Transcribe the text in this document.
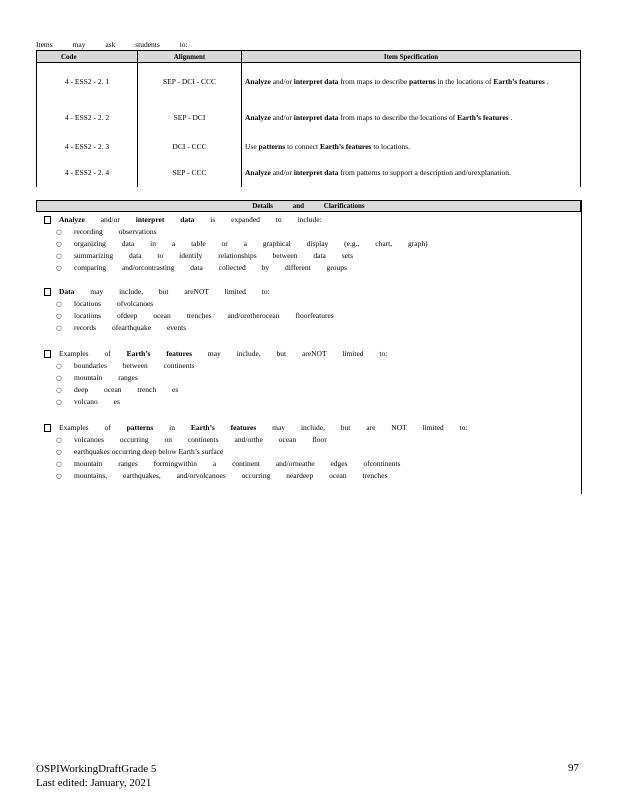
Items may ask students to:
Code	Alignment	Item Specification
4 - ESS2 - 2. 1	SEP - DCI - CCC	Analyze and/or interpret data from maps to describe patterns in the locations of Earth’s features .

4 - ESS2 - 2. 2	SEP - DCI	Analyze and/or interpret data from maps to describe the locations of Earth’s features .

4 - ESS2 - 2. 3	DCI - CCC	Use patterns to connect Earth’s features to locations.

4 - ESS2 - 2. 4	SEP - CCC	Analyze and/or interpret data from patterns to support a description and/orexplanation.
Details and Clarifications
Analyze and/or interpret data is expanded to include:
○	recording observations
○	organizing data in a table or a graphical display (e.g., chart, graph)
○	summarizing data to identify relationships between data sets
○	comparing and/orcontrasting data collected by different groups
Data may include, but areNOT limited to:
○	locations ofvolcanoes
○	locations ofdeep ocean trenches and/orotherocean floorfeatures
○	records ofearthquake events
Examples of Earth’s features may include, but areNOT limited to:
○	boundaries between continents
○	mountain ranges
○	deep ocean trench es
○	volcano es
Examples of patterns in Earth’s features may include, but are NOT limited to:
○	volcanoes occurring on continents and/orthe ocean floor
○	earthquakes occurring deep below Earth’s surface
○	mountain ranges formingwithin a continent and/orneathe edges ofcontinents
○	mountains, earthquakes, and/orvolcanoes occurring neardeep ocean trenches
OSPIWorkingDraftGrade 5
Last edited: January, 2021
97
